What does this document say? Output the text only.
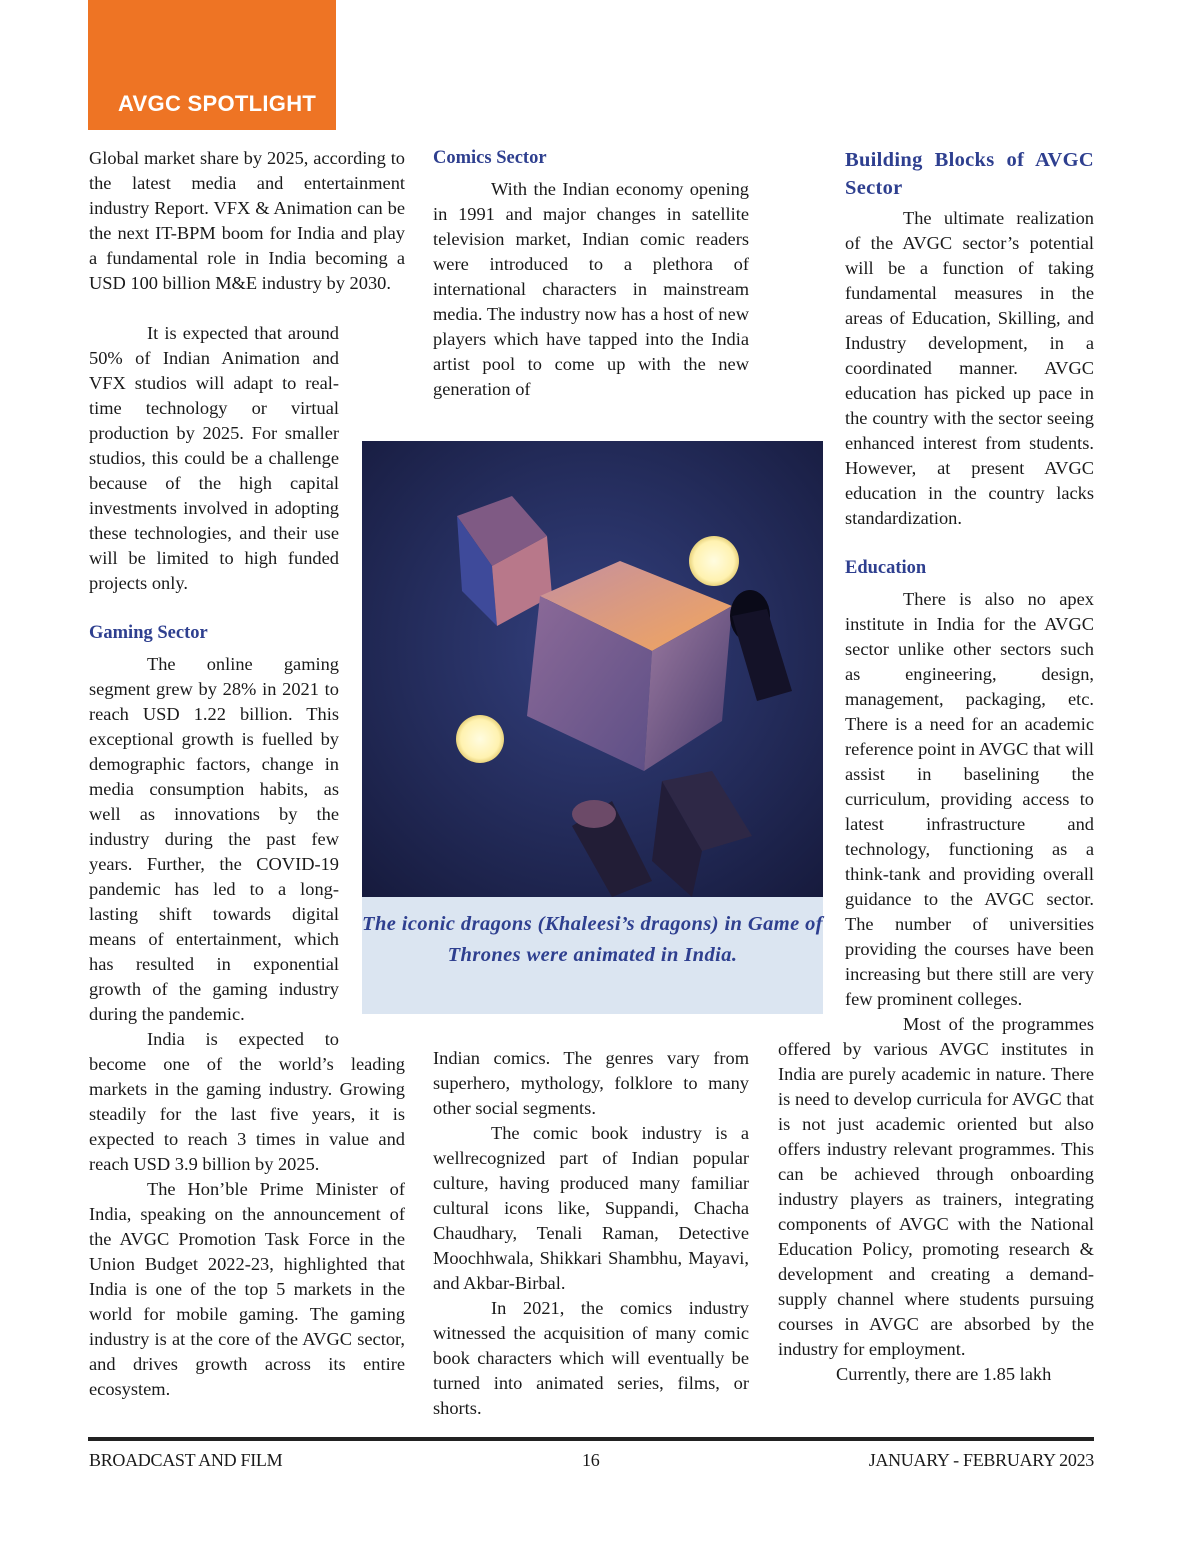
AVGC SPOTLIGHT

Global market share by 2025, according to the latest media and entertainment industry Report. VFX & Animation can be the next IT-BPM boom for India and play a fundamental role in India becoming a USD 100 billion M&E industry by 2030.

It is expected that around 50% of Indian Animation and VFX studios will adapt to real-time technology or virtual production by 2025. For smaller studios, this could be a challenge because of the high capital investments involved in adopting these technologies, and their use will be limited to high funded projects only.

Gaming Sector

The online gaming segment grew by 28% in 2021 to reach USD 1.22 billion. This exceptional growth is fuelled by demographic factors, change in media consumption habits, as well as innovations by the industry during the past few years. Further, the COVID-19 pandemic has led to a long-lasting shift towards digital means of entertainment, which has resulted in exponential growth of the gaming industry during the pandemic.

India is expected to become one of the world’s leading markets in the gaming industry. Growing steadily for the last five years, it is expected to reach 3 times in value and reach USD 3.9 billion by 2025.

The Hon’ble Prime Minister of India, speaking on the announcement of the AVGC Promotion Task Force in the Union Budget 2022-23, highlighted that India is one of the top 5 markets in the world for mobile gaming. The gaming industry is at the core of the AVGC sector, and drives growth across its entire ecosystem.

Comics Sector

With the Indian economy opening in 1991 and major changes in satellite television market, Indian comic readers were introduced to a plethora of international characters in mainstream media. The industry now has a host of new players which have tapped into the India artist pool to come up with the new generation of

Indian comics. The genres vary from superhero, mythology, folklore to many other social segments.

The comic book industry is a wellrecognized part of Indian popular culture, having produced many familiar cultural icons like, Suppandi, Chacha Chaudhary, Tenali Raman, Detective Moochhwala, Shikkari Shambhu, Mayavi, and Akbar-Birbal.

In 2021, the comics industry witnessed the acquisition of many comic book characters which will eventually be turned into animated series, films, or shorts.

Building Blocks of AVGC Sector

The ultimate realization of the AVGC sector’s potential will be a function of taking fundamental measures in the areas of Education, Skilling, and Industry development, in a coordinated manner. AVGC education has picked up pace in the country with the sector seeing enhanced interest from students. However, at present AVGC education in the country lacks standardization.

Education

There is also no apex institute in India for the AVGC sector unlike other sectors such as engineering, design, management, packaging, etc. There is a need for an academic reference point in AVGC that will assist in baselining the curriculum, providing access to latest infrastructure and technology, functioning as a think-tank and providing overall guidance to the AVGC sector. The number of universities providing the courses have been increasing but there still are very few prominent colleges.

Most of the programmes offered by various AVGC institutes in India are purely academic in nature. There is need to develop curricula for AVGC that is not just academic oriented but also offers industry relevant programmes. This can be achieved through onboarding industry players as trainers, integrating components of AVGC with the National Education Policy, promoting research & development and creating a demand-supply channel where students pursuing courses in AVGC are absorbed by the industry for employment.

Currently, there are 1.85 lakh

The iconic dragons (Khaleesi’s dragons) in Game of Thrones were animated in India.
BROADCAST AND FILM	16	JANUARY - FEBRUARY 2023
